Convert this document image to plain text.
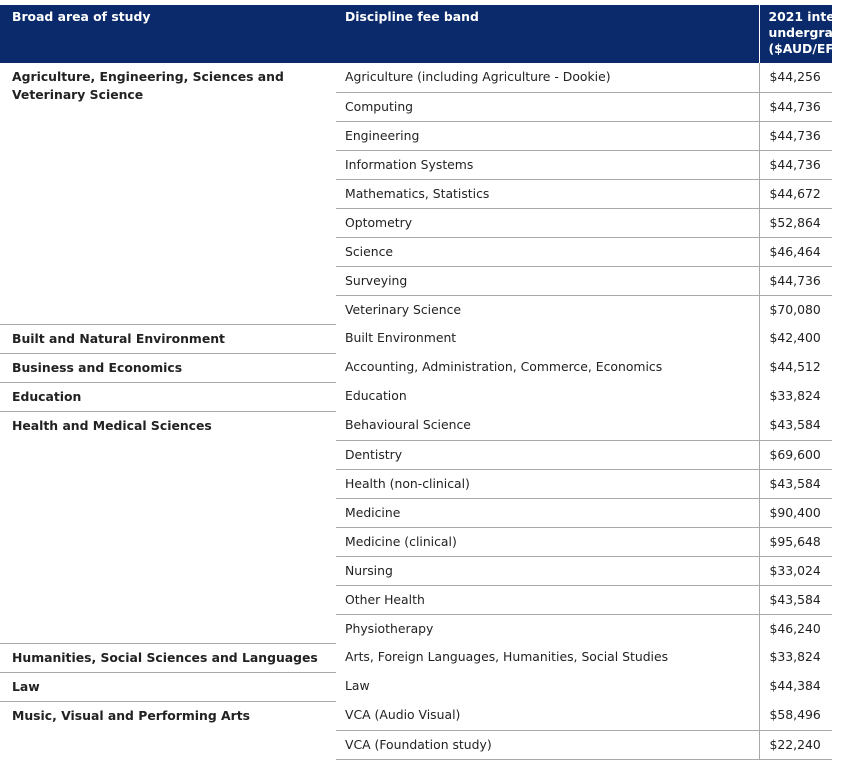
Broad area of study	Discipline fee band	2021 inter
undergrad
($AUD/EFT

Agriculture, Engineering, Sciences and Veterinary Science	Agriculture (including Agriculture - Dookie)	$44,256
	Computing	$44,736
	Engineering	$44,736
	Information Systems	$44,736
	Mathematics, Statistics	$44,672
	Optometry	$52,864
	Science	$46,464
	Surveying	$44,736
	Veterinary Science	$70,080
Built and Natural Environment	Built Environment	$42,400
Business and Economics	Accounting, Administration, Commerce, Economics	$44,512
Education	Education	$33,824
Health and Medical Sciences	Behavioural Science	$43,584
	Dentistry	$69,600
	Health (non-clinical)	$43,584
	Medicine	$90,400
	Medicine (clinical)	$95,648
	Nursing	$33,024
	Other Health	$43,584
	Physiotherapy	$46,240
Humanities, Social Sciences and Languages	Arts, Foreign Languages, Humanities, Social Studies	$33,824
Law	Law	$44,384
Music, Visual and Performing Arts	VCA (Audio Visual)	$58,496
	VCA (Foundation study)	$22,240
